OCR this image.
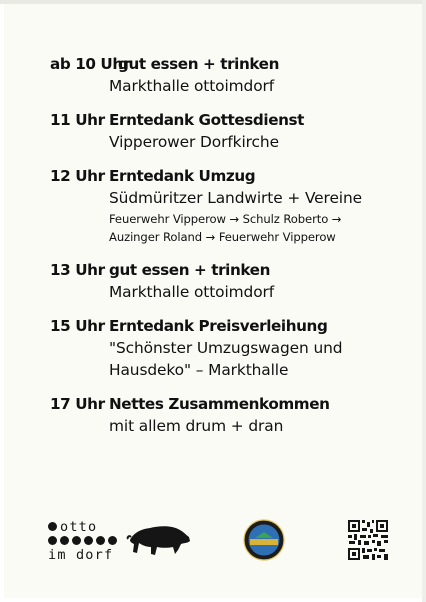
ab 10 Uhr
gut essen + trinken
Markthalle ottoimdorf
11 Uhr Erntedank Gottesdienst
Vipperower Dorfkirche
12 Uhr Erntedank Umzug
Südmüritzer Landwirte + Vereine
Feuerwehr Vipperow → Schulz Roberto →
Auzinger Roland → Feuerwehr Vipperow
13 Uhr gut essen + trinken
Markthalle ottoimdorf
15 Uhr Erntedank Preisverleihung
"Schönster Umzugswagen und
Hausdeko" – Markthalle
17 Uhr Nettes Zusammenkommen
mit allem drum + dran
otto
im dorf
